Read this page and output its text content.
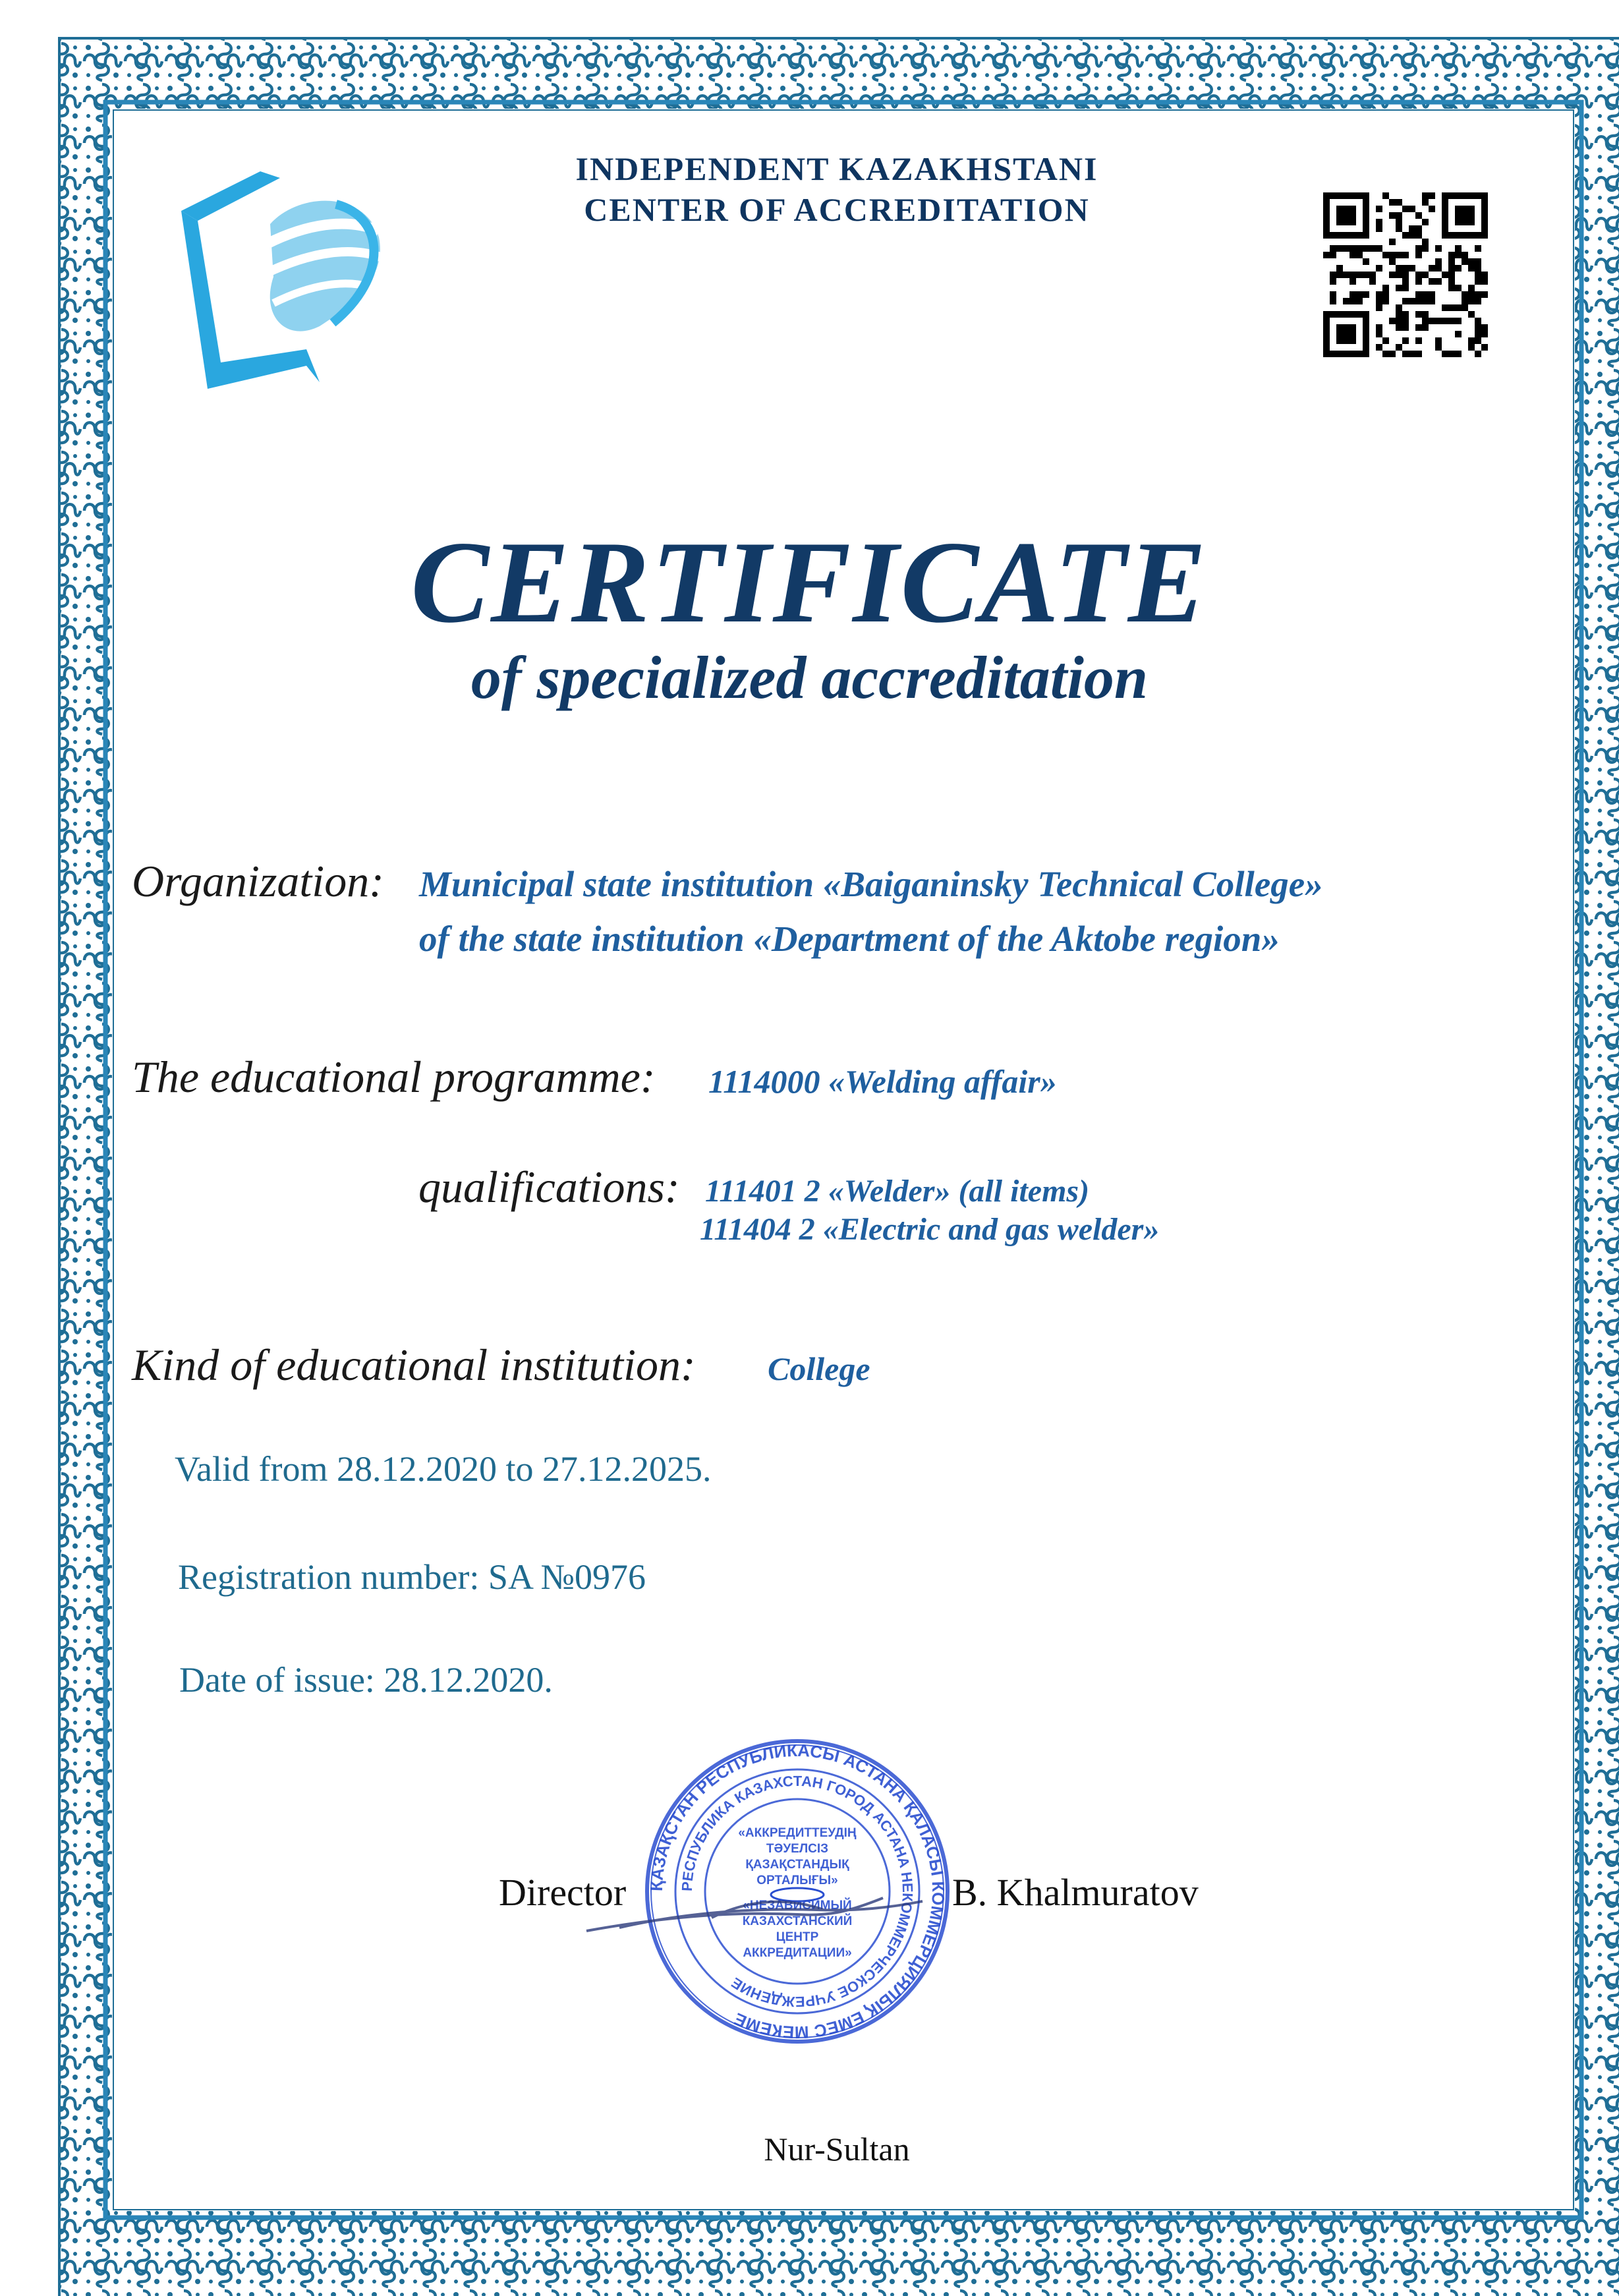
INDEPENDENT KAZAKHSTANI
CENTER OF ACCREDITATION
CERTIFICATE
of specialized accreditation
Organization: Municipal state institution «Baiganinsky Technical College»
of the state institution «Department of the Aktobe region»
The educational programme: 1114000 «Welding affair»
qualifications: 111401 2 «Welder» (all items)
111404 2 «Electric and gas welder»
Kind of educational institution: College
Valid from 28.12.2020 to 27.12.2025.
Registration number: SA №0976
Date of issue: 28.12.2020.
ҚАЗАҚСТАН РЕСПУБЛИКАСЫ АСТАНА ҚАЛАСЫ КОММЕРЦИЯЛЫҚ ЕМЕС МЕКЕМЕ
РЕСПУБЛИКА КАЗАХСТАН ГОРОД АСТАНА НЕКОММЕРЧЕСКОЕ УЧРЕЖДЕНИЕ
«АККРЕДИТТЕУДІҢ
ТӘУЕЛСІЗ
ҚАЗАҚСТАНДЫҚ
ОРТАЛЫҒЫ»
«НЕЗАВИСИМЫЙ
КАЗАХСТАНСКИЙ
ЦЕНТР
АККРЕДИТАЦИИ»
Director	B. Khalmuratov
Nur-Sultan
